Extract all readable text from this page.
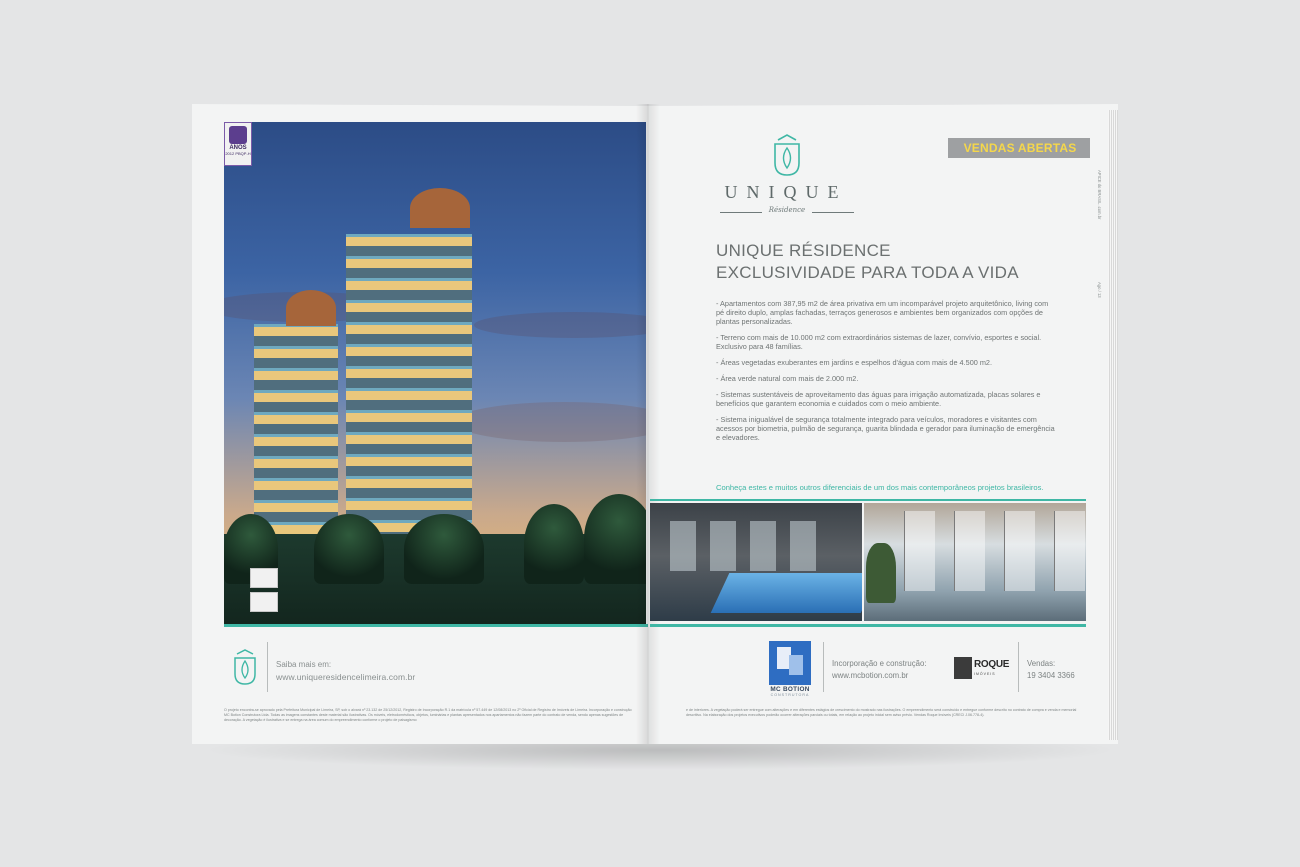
ANOS
2012 PBQP-H
Saiba mais em:
www.uniqueresidencelimeira.com.br
O projeto encontra-se aprovado pela Prefeitura Municipal de Limeira, SP, sob o alvará nº 23.132 de 25/12/2012, Registro de Incorporação R.1 da matrícula nº 57.449 de 12/08/2013 no 2º Oficial de Registro de Imóveis de Limeira. Incorporação e construção MC Botion Construtora Ltda. Todas as imagens constantes deste material são ilustrativas. Os móveis, eletrodomésticos, objetos, luminárias e plantas apresentados nos apartamentos não fazem parte do contrato de venda, sendo apenas sugestões de decoração. A vegetação é ilustrativa e se entrega na área comum do empreendimento conforme o projeto de paisagismo
VENDAS ABERTAS
UNIQUE
Résidence
UNIQUE RÉSIDENCE
EXCLUSIVIDADE PARA TODA A VIDA

- Apartamentos com 387,95 m2 de área privativa em um incomparável projeto arquitetônico, living com pé direito duplo, amplas fachadas, terraços generosos e ambientes bem organizados com opções de plantas personalizadas.

- Terreno com mais de 10.000 m2 com extraordinários sistemas de lazer, convívio, esportes e social. Exclusivo para 48 famílias.

- Áreas vegetadas exuberantes em jardins e espelhos d'água com mais de 4.500 m2.

- Área verde natural com mais de 2.000 m2.

- Sistemas sustentáveis de aproveitamento das águas para irrigação automatizada, placas solares e benefícios que garantem economia e cuidados com o meio ambiente.

- Sistema inigualável de segurança totalmente integrado para veículos, moradores e visitantes com acessos por biometria, pulmão de segurança, guarita blindada e gerador para iluminação de emergência e elevadores.

Conheça estes e muitos outros diferenciais de um dos mais contemporâneos projetos brasileiros.
MC BOTION
CONSTRUTORA
Incorporação e construção:
www.mcbotion.com.br
ROQUE
IMÓVEIS
Vendas:
19 3404 3366
e de interiores. A vegetação poderá ser entregue com alterações e em diferentes estágios de crescimento do mostrado nas ilustrações. O empreendimento será construído e entregue conforme descrito no contrato de compra e venda e memorial descritivo. Na elaboração dos projetos executivos poderão ocorrer alterações parciais ou totais, em relação ao projeto inicial sem aviso prévio. Vendas Roque Imóveis (CRECI J.06.778-4).
APICE do BRASIL .com.br
Ago / 13
